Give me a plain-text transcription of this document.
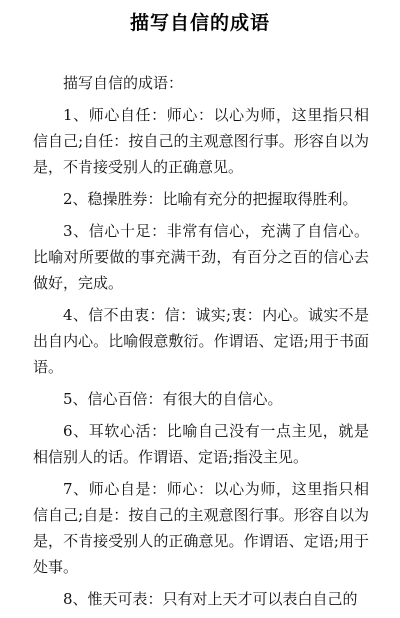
描写自信的成语

描写自信的成语：

1、师心自任：师心：以心为师，这里指只相信自己;自任：按自己的主观意图行事。形容自以为是，不肯接受别人的正确意见。

2、稳操胜券：比喻有充分的把握取得胜利。

3、信心十足：非常有信心，充满了自信心。比喻对所要做的事充满干劲，有百分之百的信心去做好，完成。

4、信不由衷：信：诚实;衷：内心。诚实不是出自内心。比喻假意敷衍。作谓语、定语;用于书面语。

5、信心百倍：有很大的自信心。

6、耳软心活：比喻自己没有一点主见，就是相信别人的话。作谓语、定语;指没主见。

7、师心自是：师心：以心为师，这里指只相信自己;自是：按自己的主观意图行事。形容自以为是，不肯接受别人的正确意见。作谓语、定语;用于处事。

8、惟天可表：只有对上天才可以表白自己的
